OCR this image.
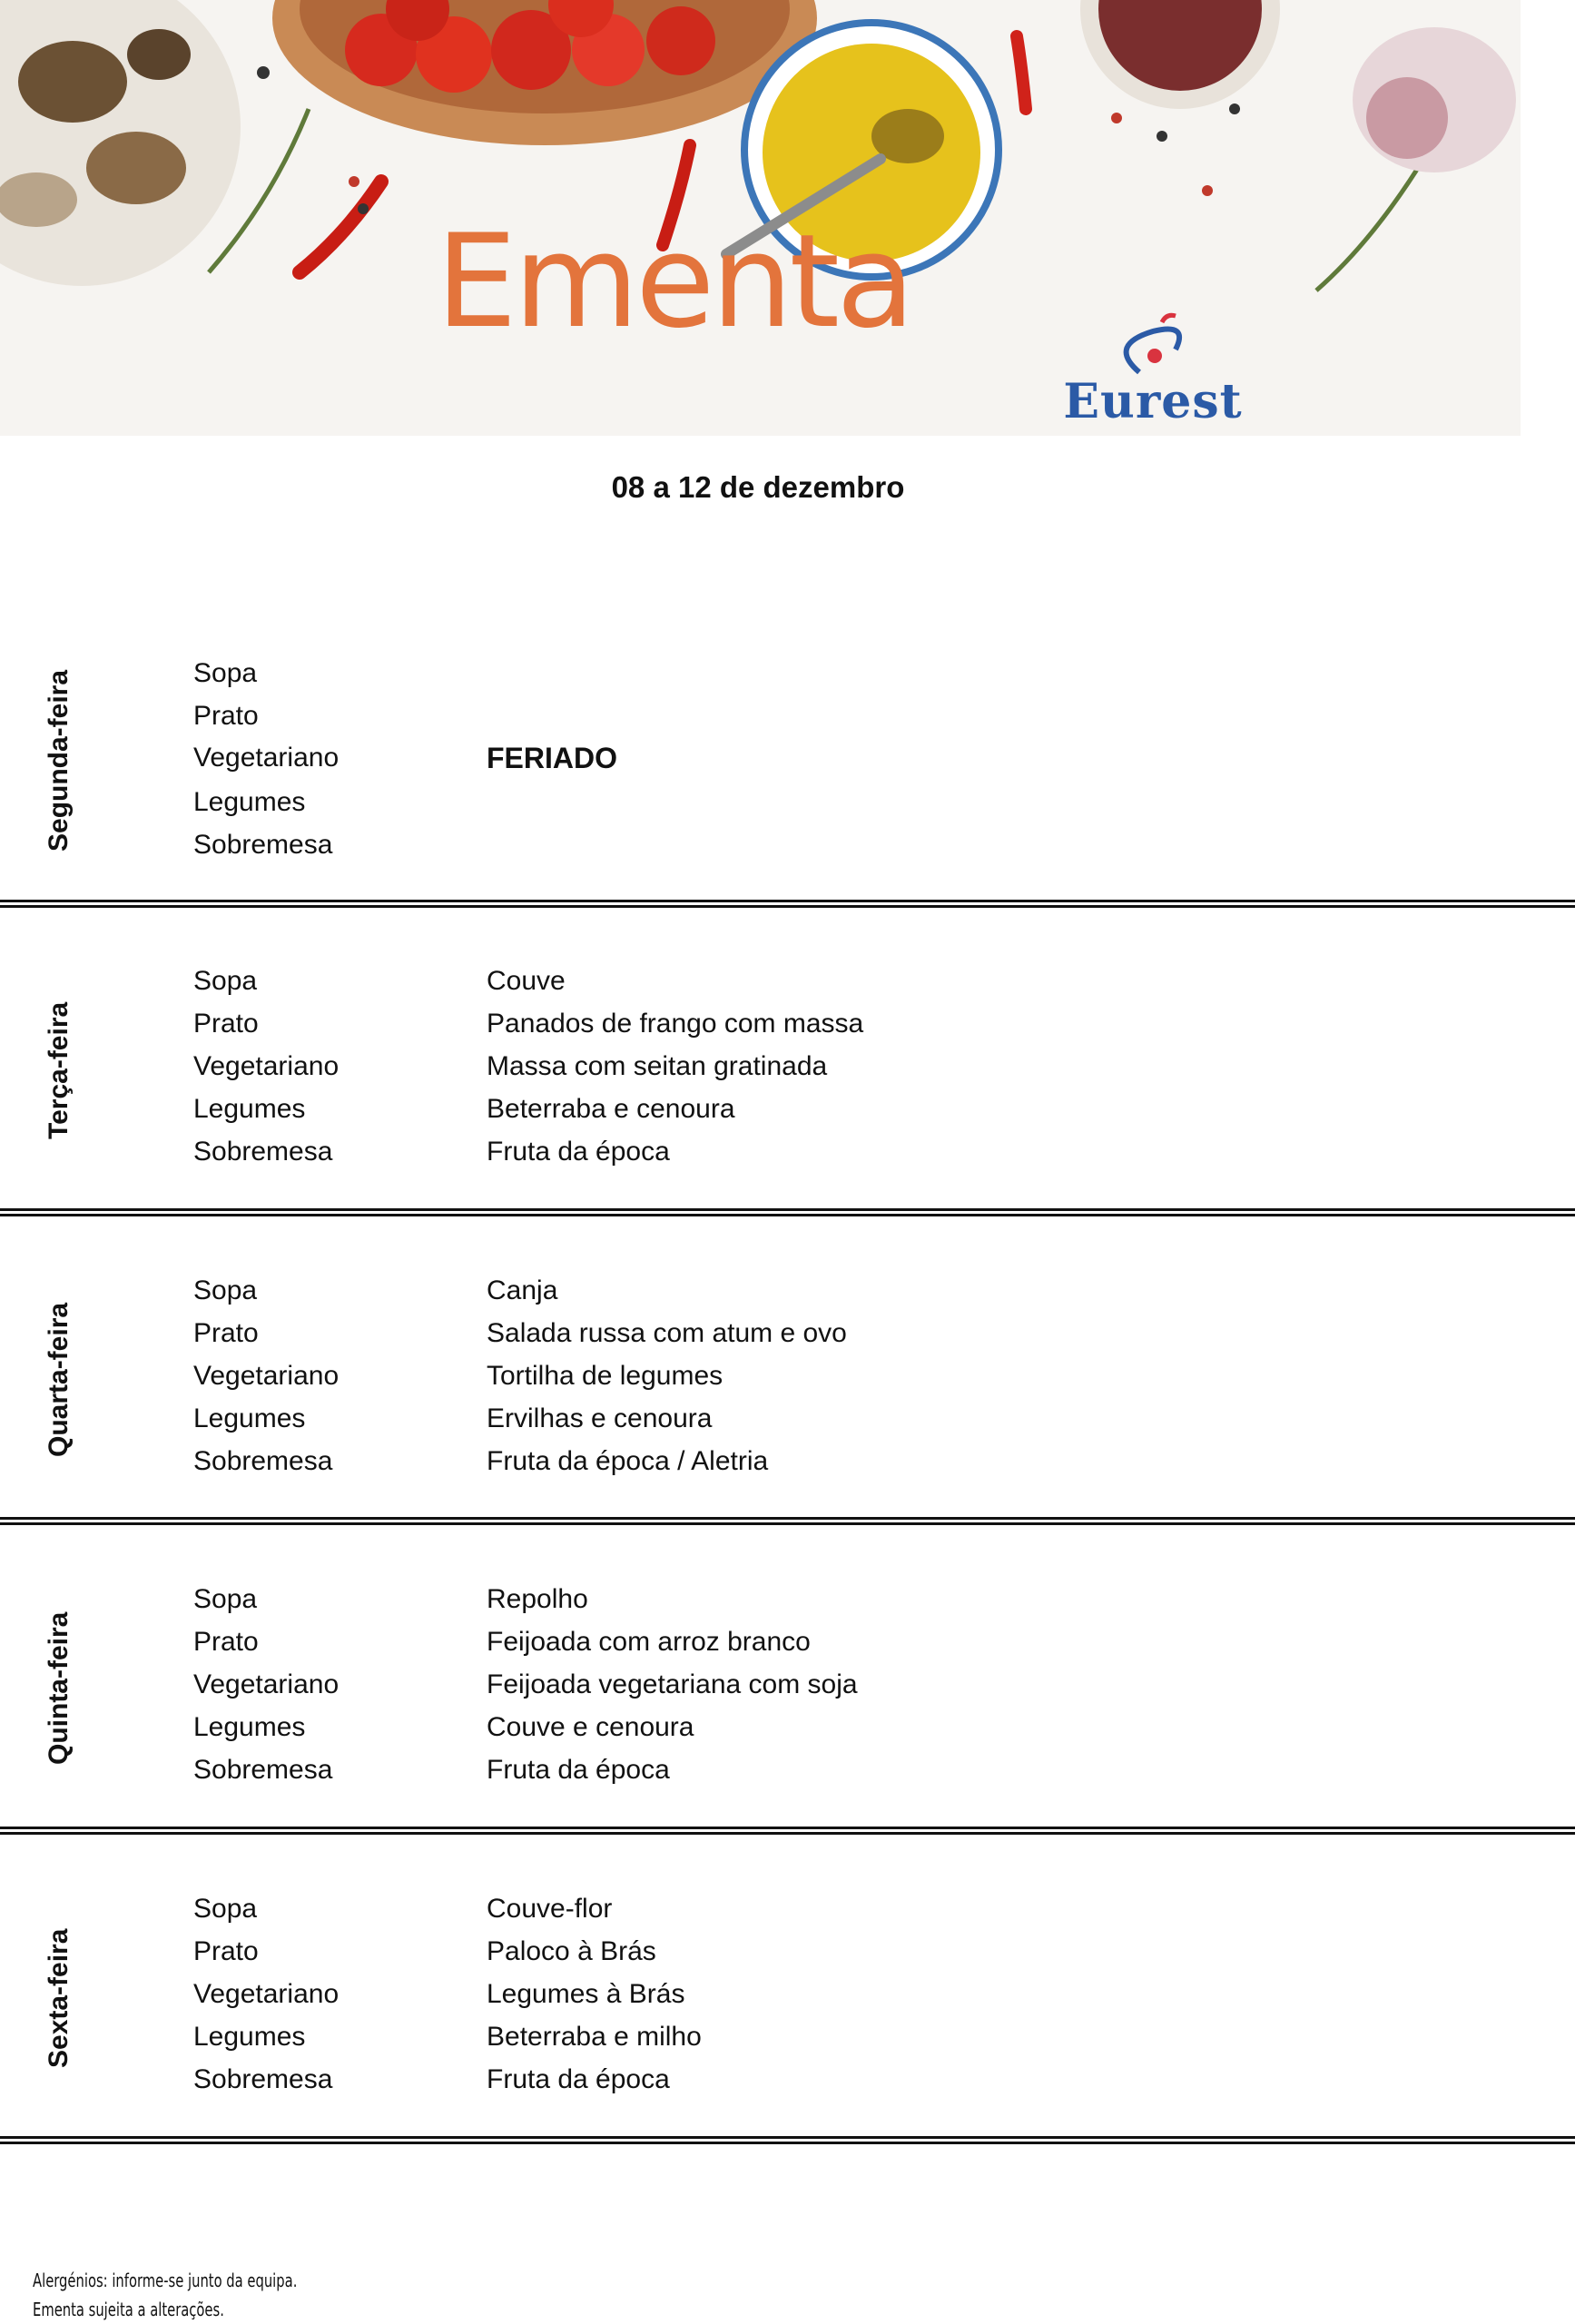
Ementa
Eurest
08 a 12 de dezembro
Segunda-feira	Sopa
Prato
Vegetariano
Legumes
Sobremesa
FERIADO
Terça-feira
Sopa	Couve
Prato	Panados de frango com massa
Vegetariano	Massa com seitan gratinada
Legumes	Beterraba e cenoura
Sobremesa	Fruta da época
Quarta-feira
Sopa	Canja
Prato	Salada russa com atum e ovo
Vegetariano	Tortilha de legumes
Legumes	Ervilhas e cenoura
Sobremesa	Fruta da época / Aletria
Quinta-feira
Sopa	Repolho
Prato	Feijoada com arroz branco
Vegetariano	Feijoada vegetariana com soja
Legumes	Couve e cenoura
Sobremesa	Fruta da época
Sexta-feira
Sopa	Couve-flor
Prato	Paloco à Brás
Vegetariano	Legumes à Brás
Legumes	Beterraba e milho
Sobremesa	Fruta da época
Alergénios: informe-se junto da equipa.
Ementa sujeita a alterações.
